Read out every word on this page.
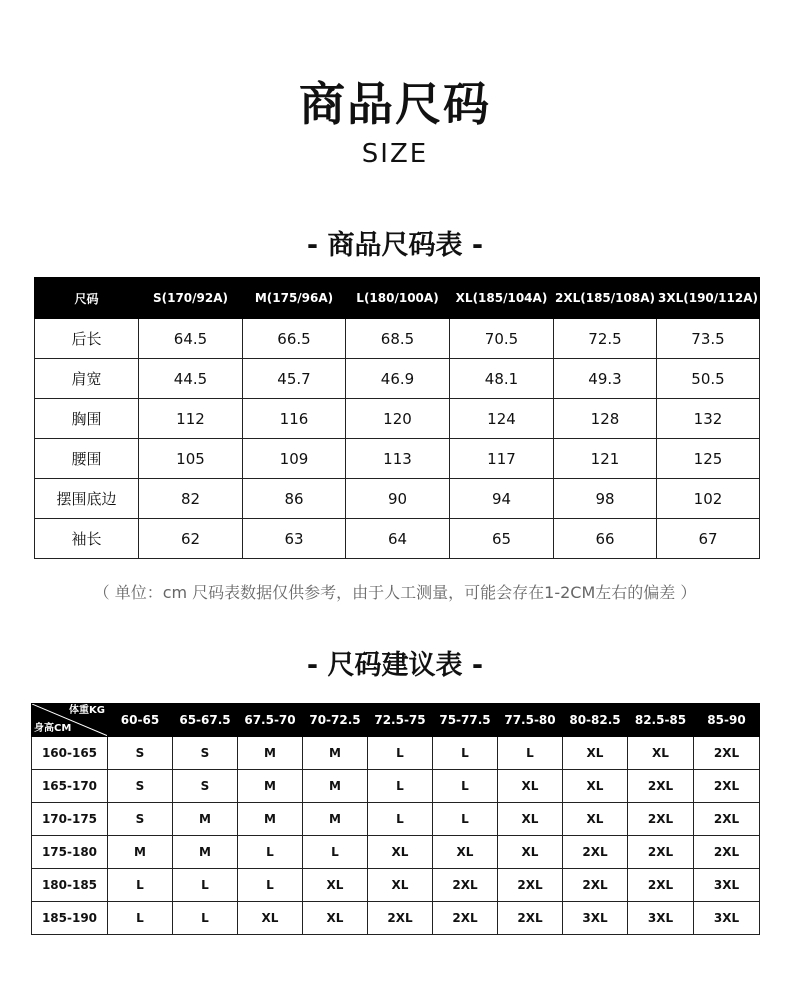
商品尺码
SIZE
- 商品尺码表 -
尺码	S(170/92A)	M(175/96A)	L(180/100A)	XL(185/104A)	2XL(185/108A)	3XL(190/112A)
后长	64.5	66.5	68.5	70.5	72.5	73.5
肩宽	44.5	45.7	46.9	48.1	49.3	50.5
胸围	112	116	120	124	128	132
腰围	105	109	113	117	121	125
摆围底边	82	86	90	94	98	102
袖长	62	63	64	65	66	67
（ 单位：cm 尺码表数据仅供参考，由于人工测量，可能会存在1-2CM左右的偏差 ）
- 尺码建议表 -
体重KG
身高CM	60-65	65-67.5	67.5-70	70-72.5	72.5-75	75-77.5	77.5-80	80-82.5	82.5-85	85-90
160-165	S	S	M	M	L	L	L	XL	XL	2XL
165-170	S	S	M	M	L	L	XL	XL	2XL	2XL
170-175	S	M	M	M	L	L	XL	XL	2XL	2XL
175-180	M	M	L	L	XL	XL	XL	2XL	2XL	2XL
180-185	L	L	L	XL	XL	2XL	2XL	2XL	2XL	3XL
185-190	L	L	XL	XL	2XL	2XL	2XL	3XL	3XL	3XL
